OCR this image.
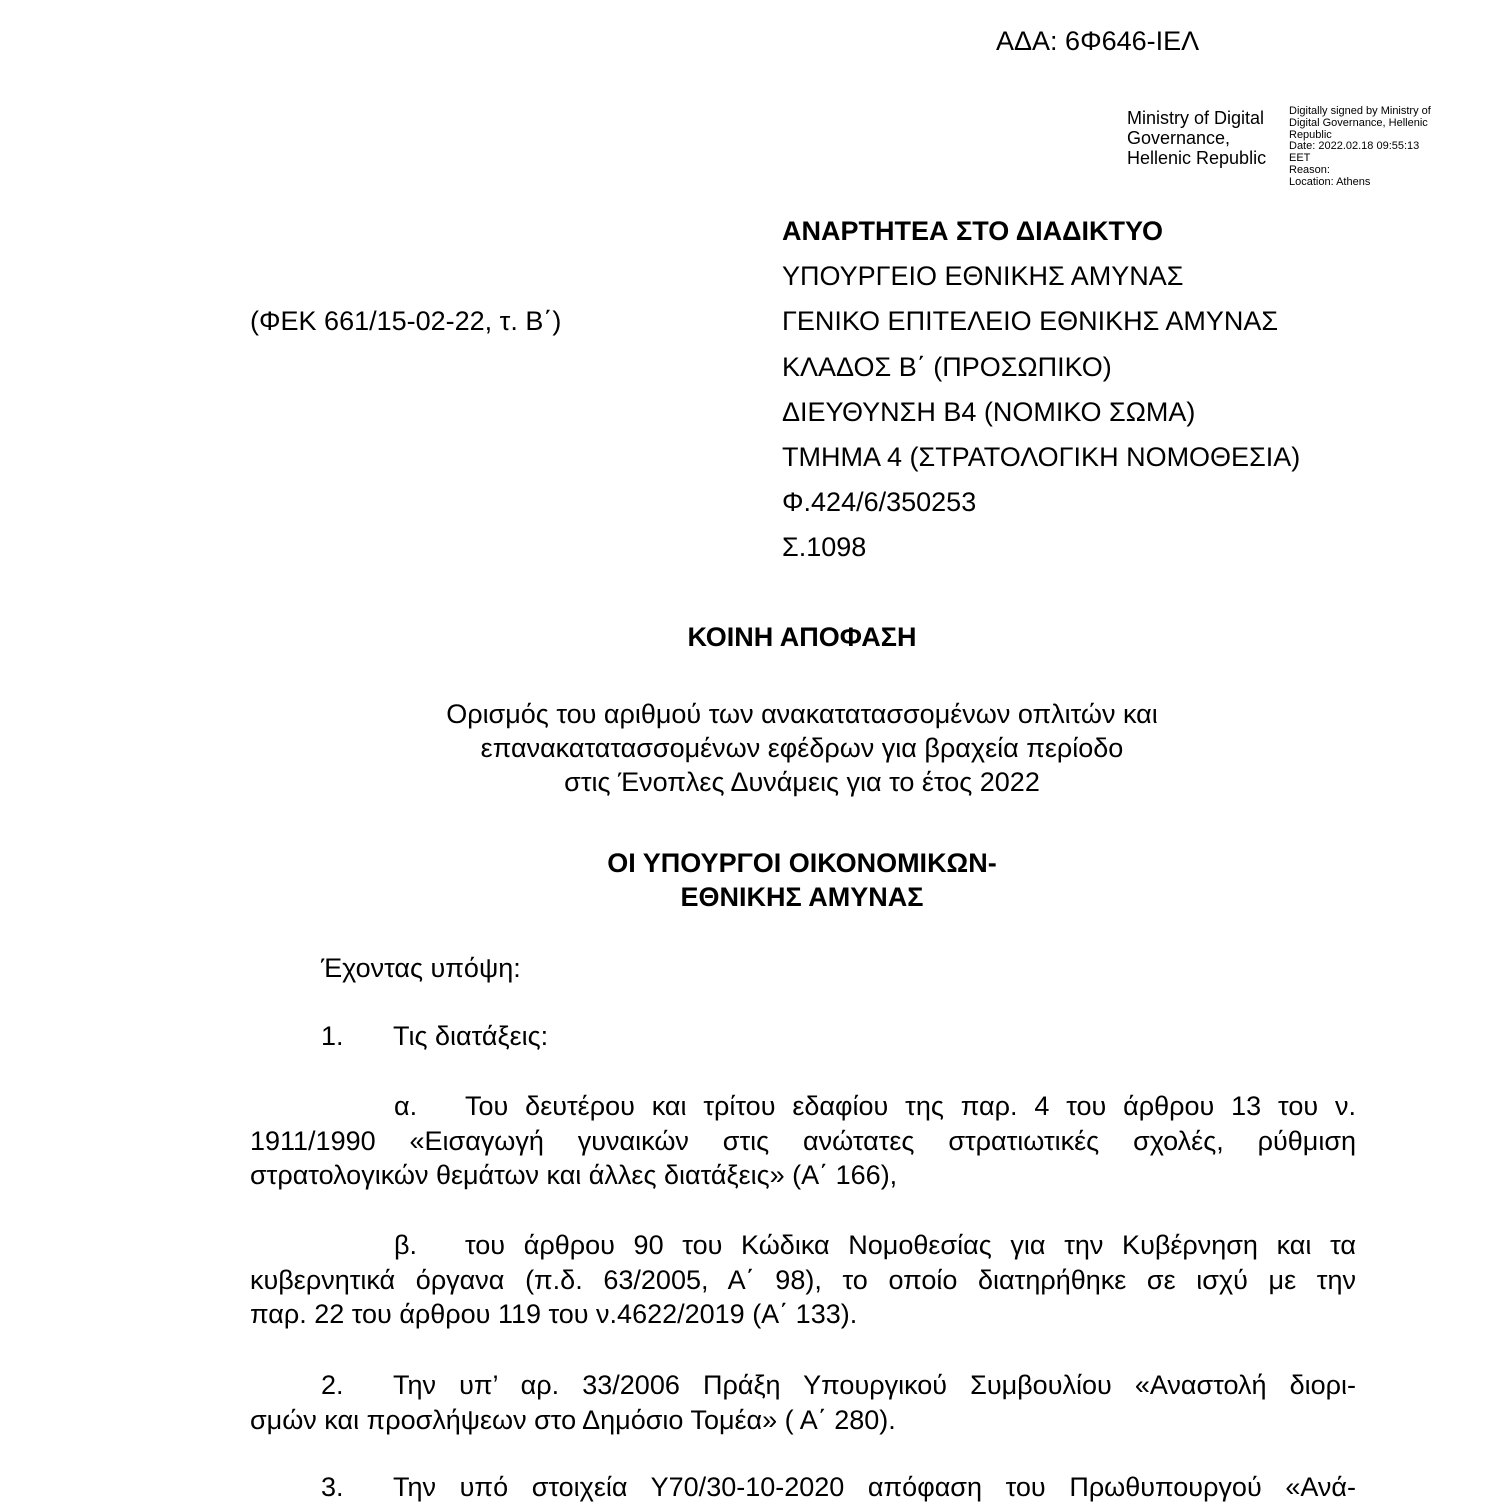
ΑΔΑ: 6Φ646-ΙΕΛ
Ministry of Digital
Governance,
Hellenic Republic
Digitally signed by Ministry of
Digital Governance, Hellenic
Republic
Date: 2022.02.18 09:55:13
EET
Reason:
Location: Athens
(ΦΕΚ 661/15-02-22, τ. Β΄)
ΑΝΑΡΤΗΤΕΑ ΣΤΟ ΔΙΑΔΙΚΤΥΟ
ΥΠΟΥΡΓΕΙΟ ΕΘΝΙΚΗΣ ΑΜΥΝΑΣ
ΓΕΝΙΚΟ ΕΠΙΤΕΛΕΙΟ ΕΘΝΙΚΗΣ ΑΜΥΝΑΣ
ΚΛΑΔΟΣ Β΄ (ΠΡΟΣΩΠΙΚΟ)
ΔΙΕΥΘΥΝΣΗ Β4 (ΝΟΜΙΚΟ ΣΩΜΑ)
ΤΜΗΜΑ 4 (ΣΤΡΑΤΟΛΟΓΙΚΗ ΝΟΜΟΘΕΣΙΑ)
Φ.424/6/350253
Σ.1098
ΚΟΙΝΗ ΑΠΟΦΑΣΗ
Ορισμός του αριθμού των ανακατατασσομένων οπλιτών και
επανακατατασσομένων εφέδρων για βραχεία περίοδο
στις Ένοπλες Δυνάμεις για το έτος 2022
ΟΙ ΥΠΟΥΡΓΟΙ ΟΙΚΟΝΟΜΙΚΩΝ-
ΕΘΝΙΚΗΣ ΑΜΥΝΑΣ
Έχοντας υπόψη:
1. Τις διατάξεις:
α. Του δευτέρου και τρίτου εδαφίου της παρ. 4 του άρθρου 13 του ν.
1911/1990 «Εισαγωγή γυναικών στις ανώτατες στρατιωτικές σχολές, ρύθμιση
στρατολογικών θεμάτων και άλλες διατάξεις» (Α΄ 166),
β. του άρθρου 90 του Κώδικα Νομοθεσίας για την Κυβέρνηση και τα
κυβερνητικά όργανα (π.δ. 63/2005, Α΄ 98), το οποίο διατηρήθηκε σε ισχύ με την
παρ. 22 του άρθρου 119 του ν.4622/2019 (Α΄ 133).
2. Την υπ’ αρ. 33/2006 Πράξη Υπουργικού Συμβουλίου «Αναστολή διορι-
σμών και προσλήψεων στο Δημόσιο Τομέα» ( Α΄ 280).
3. Την υπό στοιχεία Υ70/30-10-2020 απόφαση του Πρωθυπουργού «Ανά-
